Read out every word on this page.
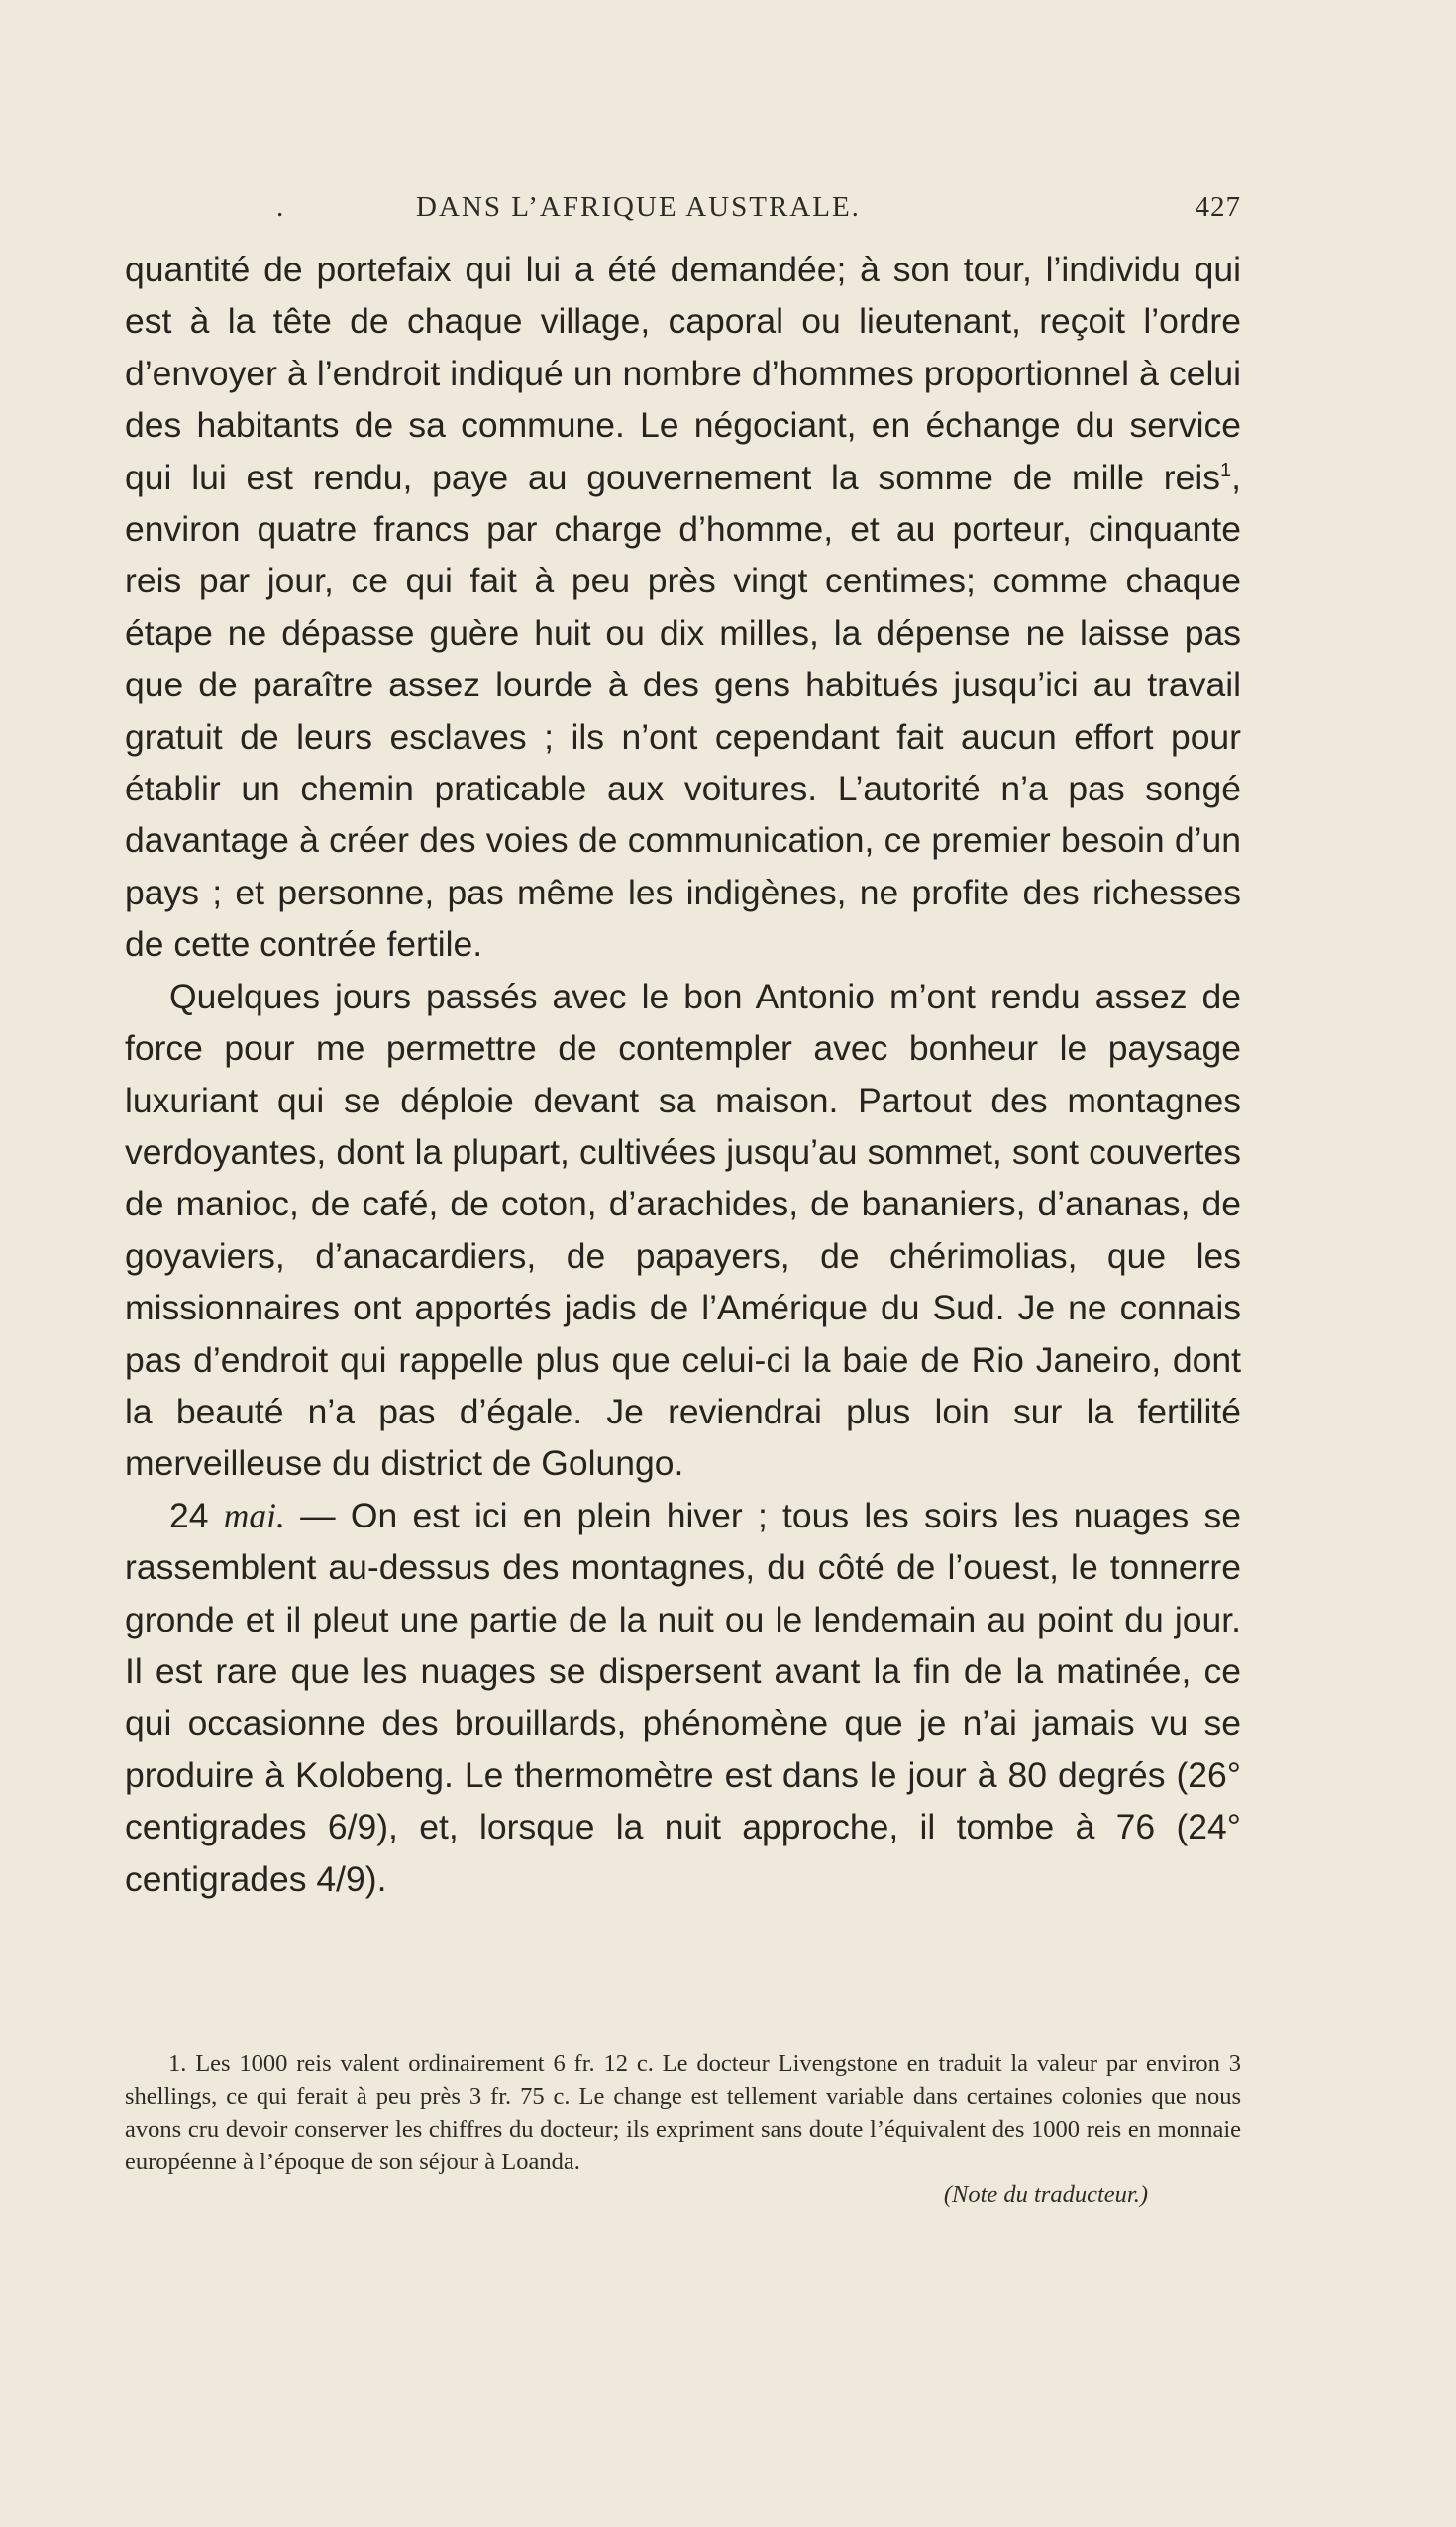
.	DANS L’AFRIQUE AUSTRALE.	427

quantité de portefaix qui lui a été demandée; à son tour, l’individu qui est à la tête de chaque village, caporal ou lieutenant, reçoit l’ordre d’envoyer à l’endroit indiqué un nombre d’hommes proportionnel à celui des habitants de sa commune. Le négociant, en échange du service qui lui est rendu, paye au gouvernement la somme de mille reis$^1$, environ quatre francs par charge d’homme, et au porteur, cinquante reis par jour, ce qui fait à peu près vingt centimes; comme chaque étape ne dépasse guère huit ou dix milles, la dépense ne laisse pas que de paraître assez lourde à des gens habitués jusqu’ici au travail gratuit de leurs esclaves ; ils n’ont cependant fait aucun effort pour établir un chemin praticable aux voitures. L’autorité n’a pas songé davantage à créer des voies de communication, ce premier besoin d’un pays ; et personne, pas même les indigènes, ne profite des richesses de cette contrée fertile.

Quelques jours passés avec le bon Antonio m’ont rendu assez de force pour me permettre de contempler avec bonheur le paysage luxuriant qui se déploie devant sa maison. Partout des montagnes verdoyantes, dont la plupart, cultivées jusqu’au sommet, sont couvertes de manioc, de café, de coton, d’arachides, de bananiers, d’ananas, de goyaviers, d’anacardiers, de papayers, de chérimolias, que les missionnaires ont apportés jadis de l’Amérique du Sud. Je ne connais pas d’endroit qui rappelle plus que celui-ci la baie de Rio Janeiro, dont la beauté n’a pas d’égale. Je reviendrai plus loin sur la fertilité merveilleuse du district de Golungo.

24 mai. — On est ici en plein hiver ; tous les soirs les nuages se rassemblent au-dessus des montagnes, du côté de l’ouest, le tonnerre gronde et il pleut une partie de la nuit ou le lendemain au point du jour. Il est rare que les nuages se dispersent avant la fin de la matinée, ce qui occasionne des brouillards, phénomène que je n’ai jamais vu se produire à Kolobeng. Le thermomètre est dans le jour à 80 degrés (26° centigrades 6/9), et, lorsque la nuit approche, il tombe à 76 (24° centigrades 4/9).

1. Les 1000 reis valent ordinairement 6 fr. 12 c. Le docteur Livengstone en traduit la valeur par environ 3 shellings, ce qui ferait à peu près 3 fr. 75 c. Le change est tellement variable dans certaines colonies que nous avons cru devoir conserver les chiffres du docteur; ils expriment sans doute l’équivalent des 1000 reis en monnaie européenne à l’époque de son séjour à Loanda.

(Note du traducteur.)
